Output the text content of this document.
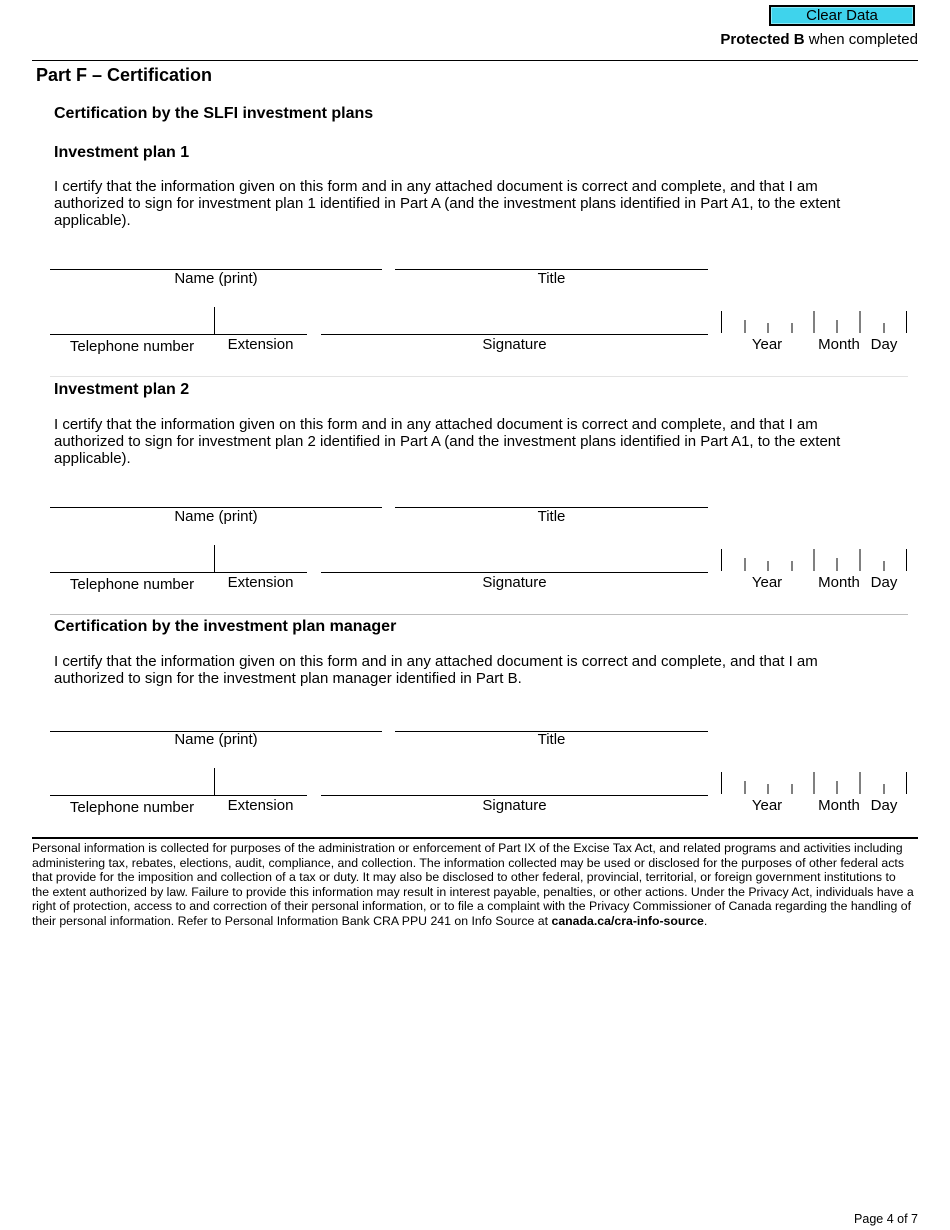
Clear Data
Protected B when completed
Part F – Certification
Certification by the SLFI investment plans
Investment plan 1
I certify that the information given on this form and in any attached document is correct and complete, and that I am authorized to sign for investment plan 1 identified in Part A (and the investment plans identified in Part A1, to the extent applicable).
Name (print)	Title
Telephone number	Extension	Signature	Year	Month Day
Investment plan 2
I certify that the information given on this form and in any attached document is correct and complete, and that I am authorized to sign for investment plan 2 identified in Part A (and the investment plans identified in Part A1, to the extent applicable).
Name (print)	Title
Telephone number	Extension	Signature	Year	Month Day
Certification by the investment plan manager
I certify that the information given on this form and in any attached document is correct and complete, and that I am authorized to sign for the investment plan manager identified in Part B.
Name (print)	Title
Telephone number	Extension	Signature	Year	Month Day
Personal information is collected for purposes of the administration or enforcement of Part IX of the Excise Tax Act, and related programs and activities including administering tax, rebates, elections, audit, compliance, and collection. The information collected may be used or disclosed for the purposes of other federal acts that provide for the imposition and collection of a tax or duty. It may also be disclosed to other federal, provincial, territorial, or foreign government institutions to the extent authorized by law. Failure to provide this information may result in interest payable, penalties, or other actions. Under the Privacy Act, individuals have a right of protection, access to and correction of their personal information, or to file a complaint with the Privacy Commissioner of Canada regarding the handling of their personal information. Refer to Personal Information Bank CRA PPU 241 on Info Source at canada.ca/cra-info-source.
Page 4 of 7
